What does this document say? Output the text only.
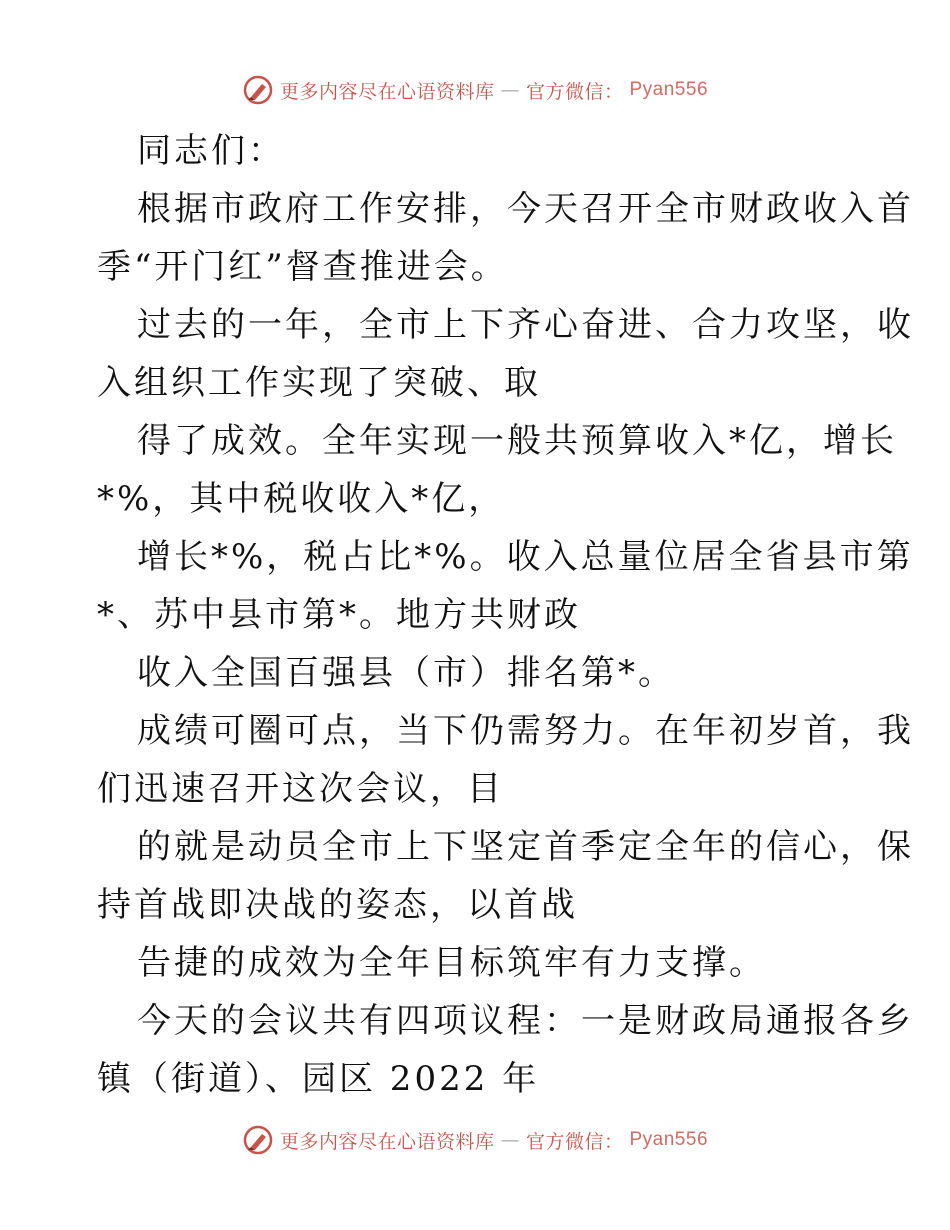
更多内容尽在心语资料库 — 官方微信： Pyan556
同志们：
根据市政府工作安排，今天召开全市财政收入首
季“开门红”督查推进会。
过去的一年，全市上下齐心奋进、合力攻坚，收
入组织工作实现了突破、取
得了成效。全年实现一般共预算收入*亿，增长
*%，其中税收收入*亿，
增长*%，税占比*%。收入总量位居全省县市第
*、苏中县市第*。地方共财政
收入全国百强县（市）排名第*。
成绩可圈可点，当下仍需努力。在年初岁首，我
们迅速召开这次会议，目
的就是动员全市上下坚定首季定全年的信心，保
持首战即决战的姿态，以首战
告捷的成效为全年目标筑牢有力支撑。
今天的会议共有四项议程：一是财政局通报各乡
镇（街道）、园区 2022 年
更多内容尽在心语资料库 — 官方微信： Pyan556
